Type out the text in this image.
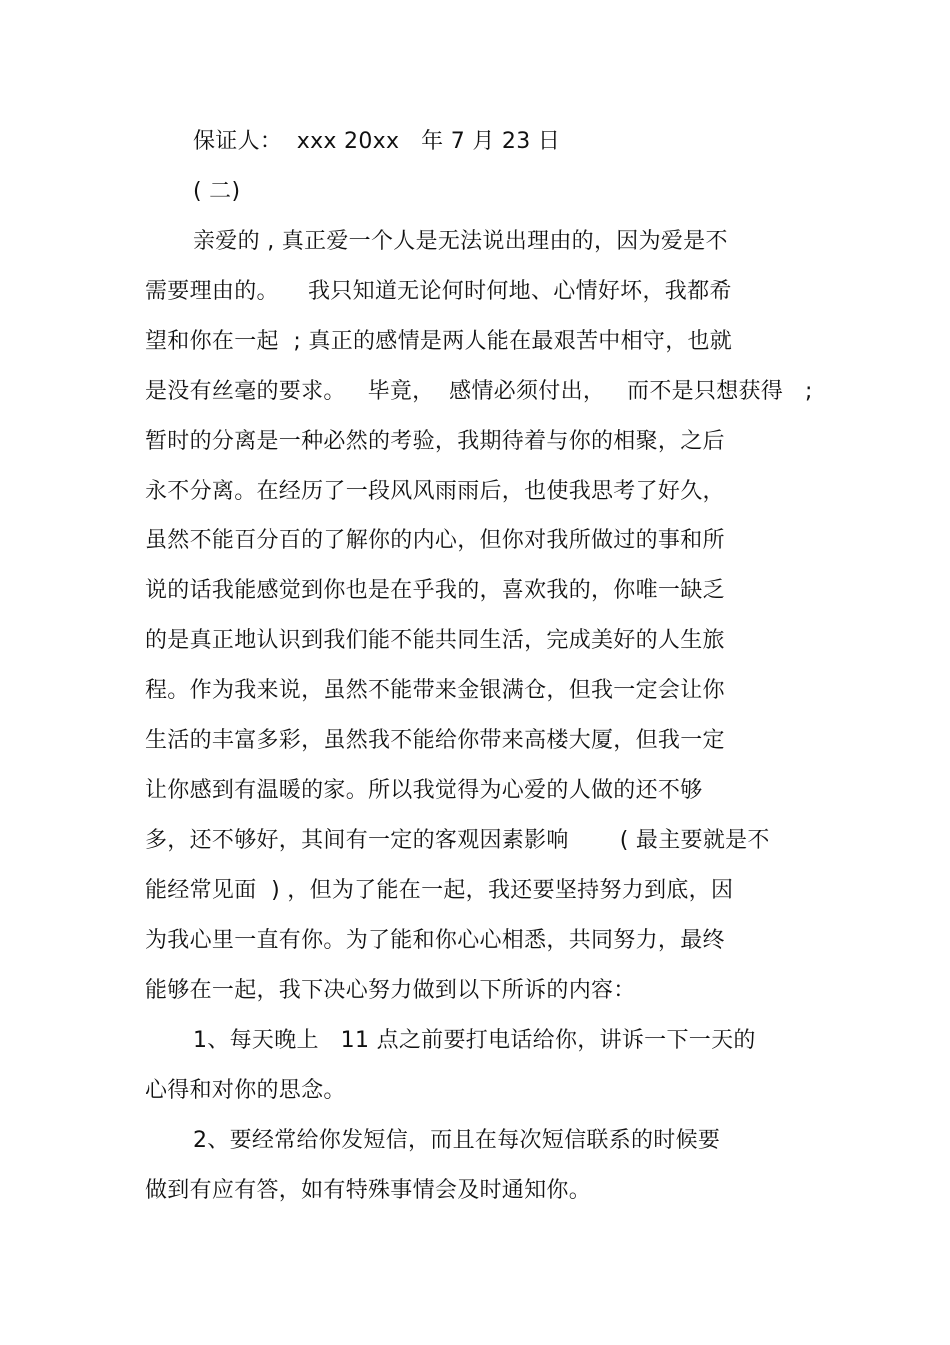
保证人：  xxx 20xx   年 7 月 23 日
( 二)
亲爱的 , 真正爱一个人是无法说出理由的，因为爱是不
需要理由的。    我只知道无论何时何地、心情好坏，我都希
望和你在一起  ; 真正的感情是两人能在最艰苦中相守，也就
是没有丝毫的要求。   毕竟，  感情必须付出，   而不是只想获得   ;
暂时的分离是一种必然的考验，我期待着与你的相聚，之后
永不分离。在经历了一段风风雨雨后，也使我思考了好久，
虽然不能百分百的了解你的内心，但你对我所做过的事和所
说的话我能感觉到你也是在乎我的，喜欢我的，你唯一缺乏
的是真正地认识到我们能不能共同生活，完成美好的人生旅
程。作为我来说，虽然不能带来金银满仓，但我一定会让你
生活的丰富多彩，虽然我不能给你带来高楼大厦，但我一定
让你感到有温暖的家。所以我觉得为心爱的人做的还不够
多，还不够好，其间有一定的客观因素影响       ( 最主要就是不
能经常见面  ) ，但为了能在一起，我还要坚持努力到底，因
为我心里一直有你。为了能和你心心相悉，共同努力，最终
能够在一起，我下决心努力做到以下所诉的内容：
1、每天晚上   11 点之前要打电话给你，讲诉一下一天的
心得和对你的思念。
2、要经常给你发短信，而且在每次短信联系的时候要
做到有应有答，如有特殊事情会及时通知你。
